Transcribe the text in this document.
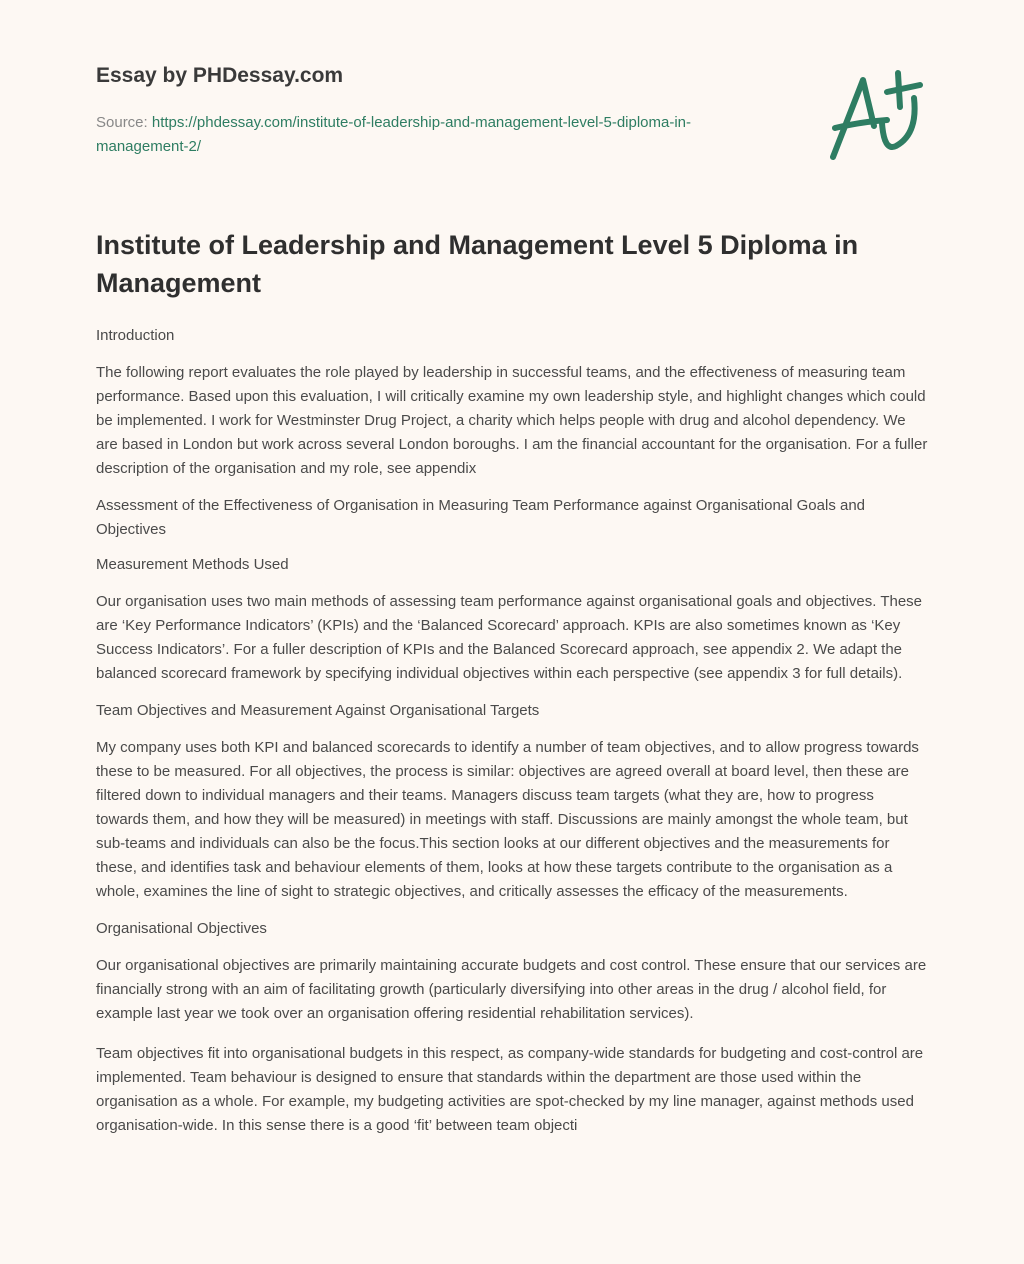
Essay by PHDessay.com
Source: https://phdessay.com/institute-of-leadership-and-management-level-5-diploma-in-management-2/
Institute of Leadership and Management Level 5 Diploma in Management

Introduction

The following report evaluates the role played by leadership in successful teams, and the effectiveness of measuring team performance. Based upon this evaluation, I will critically examine my own leadership style, and highlight changes which could be implemented. I work for Westminster Drug Project, a charity which helps people with drug and alcohol dependency. We are based in London but work across several London boroughs. I am the financial accountant for the organisation. For a fuller description of the organisation and my role, see appendix

Assessment of the Effectiveness of Organisation in Measuring Team Performance against Organisational Goals and Objectives

Measurement Methods Used

Our organisation uses two main methods of assessing team performance against organisational goals and objectives. These are ‘Key Performance Indicators’ (KPIs) and the ‘Balanced Scorecard’ approach. KPIs are also sometimes known as ‘Key Success Indicators’. For a fuller description of KPIs and the Balanced Scorecard approach, see appendix 2. We adapt the balanced scorecard framework by specifying individual objectives within each perspective (see appendix 3 for full details).

Team Objectives and Measurement Against Organisational Targets

My company uses both KPI and balanced scorecards to identify a number of team objectives, and to allow progress towards these to be measured. For all objectives, the process is similar: objectives are agreed overall at board level, then these are filtered down to individual managers and their teams. Managers discuss team targets (what they are, how to progress towards them, and how they will be measured) in meetings with staff. Discussions are mainly amongst the whole team, but sub-teams and individuals can also be the focus.This section looks at our different objectives and the measurements for these, and identifies task and behaviour elements of them, looks at how these targets contribute to the organisation as a whole, examines the line of sight to strategic objectives, and critically assesses the efficacy of the measurements.

Organisational Objectives

Our organisational objectives are primarily maintaining accurate budgets and cost control. These ensure that our services are financially strong with an aim of facilitating growth (particularly diversifying into other areas in the drug / alcohol field, for example last year we took over an organisation offering residential rehabilitation services).

Team objectives fit into organisational budgets in this respect, as company-wide standards for budgeting and cost-control are implemented. Team behaviour is designed to ensure that standards within the department are those used within the organisation as a whole. For example, my budgeting activities are spot-checked by my line manager, against methods used organisation-wide. In this sense there is a good ‘fit’ between team objecti
